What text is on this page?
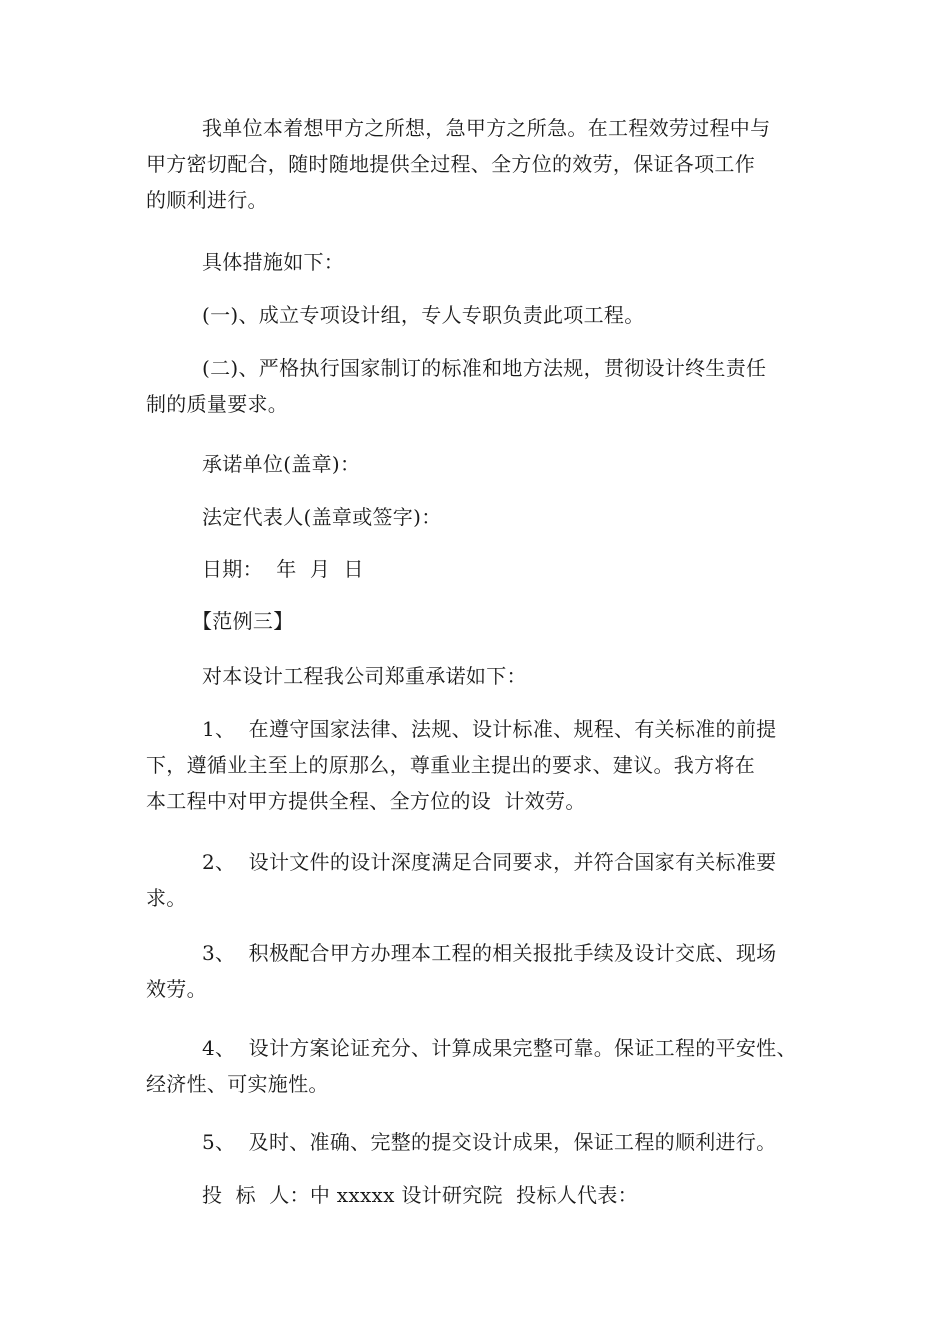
我单位本着想甲方之所想，急甲方之所急。在工程效劳过程中与
甲方密切配合，随时随地提供全过程、全方位的效劳，保证各项工作
的顺利进行。
具体措施如下：
(一)、成立专项设计组，专人专职负责此项工程。
(二)、严格执行国家制订的标准和地方法规，贯彻设计终生责任
制的质量要求。
承诺单位(盖章)：
法定代表人(盖章或签字)：
日期：  年  月  日
【范例三】
对本设计工程我公司郑重承诺如下：
1、  在遵守国家法律、法规、设计标准、规程、有关标准的前提
下，遵循业主至上的原那么，尊重业主提出的要求、建议。我方将在
本工程中对甲方提供全程、全方位的设  计效劳。
2、  设计文件的设计深度满足合同要求，并符合国家有关标准要
求。
3、  积极配合甲方办理本工程的相关报批手续及设计交底、现场
效劳。
4、  设计方案论证充分、计算成果完整可靠。保证工程的平安性、
经济性、可实施性。
5、  及时、准确、完整的提交设计成果，保证工程的顺利进行。
投  标  人：中 xxxxx 设计研究院  投标人代表：
